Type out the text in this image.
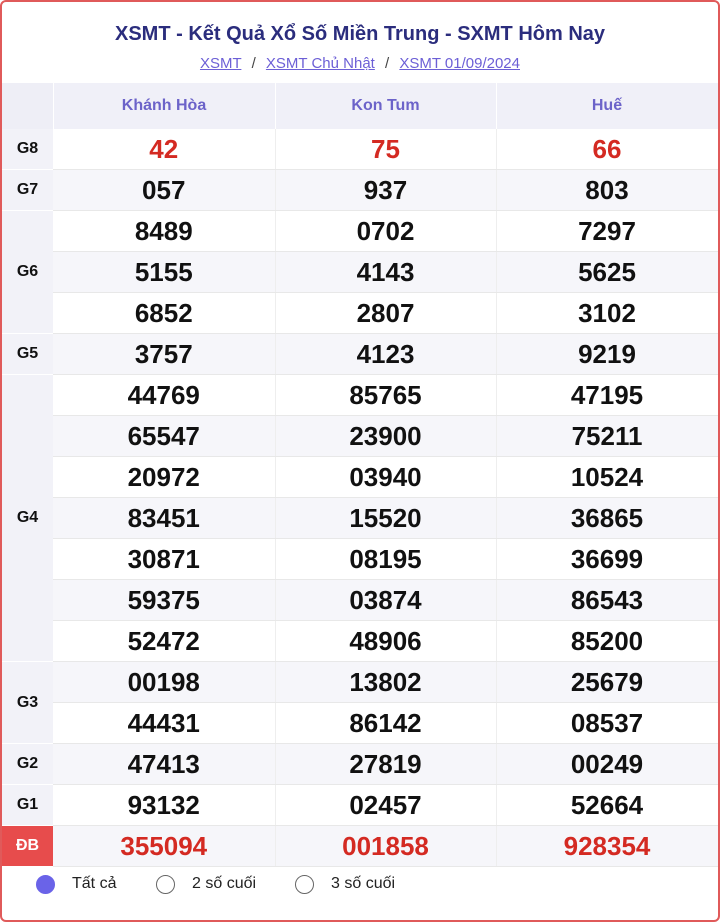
XSMT - Kết Quả Xổ Số Miền Trung - SXMT Hôm Nay
XSMT / XSMT Chủ Nhật / XSMT 01/09/2024
	Khánh Hòa	Kon Tum	Huế
G8	42	75	66
G7	057	937	803
G6	8489	0702	7297
	5155	4143	5625
	6852	2807	3102
G5	3757	4123	9219
G4	44769	85765	47195
	65547	23900	75211
	20972	03940	10524
	83451	15520	36865
	30871	08195	36699
	59375	03874	86543
	52472	48906	85200
G3	00198	13802	25679
	44431	86142	08537
G2	47413	27819	00249
G1	93132	02457	52664
ĐB	355094	001858	928354
Tất cả	2 số cuối	3 số cuối
